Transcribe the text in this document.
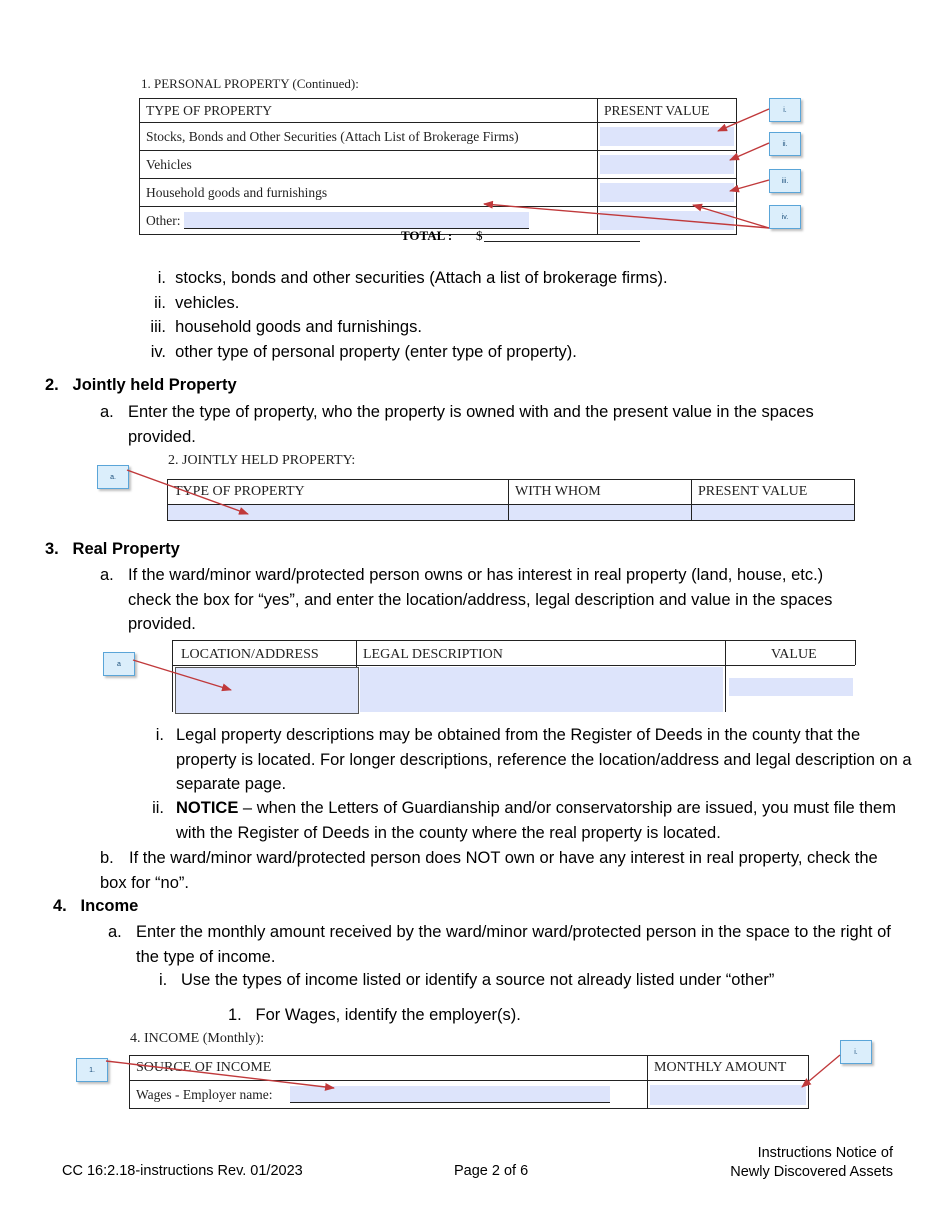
1. PERSONAL PROPERTY (Continued):
TYPE OF PROPERTY	PRESENT VALUE
Stocks, Bonds and Other Securities (Attach List of Brokerage Firms)	

Vehicles	

Household goods and furnishings	

Other:	
TOTAL : $
i.
ii.
iii.
iv.
i. stocks, bonds and other securities (Attach a list of brokerage firms).
ii. vehicles.
iii. household goods and furnishings.
iv. other type of personal property (enter type of property).
2. Jointly held Property
a. Enter the type of property, who the property is owned with and the present value in the spaces provided.
2. JOINTLY HELD PROPERTY:
TYPE OF PROPERTY	WITH WHOM	PRESENT VALUE

a.
3. Real Property
a. If the ward/minor ward/protected person owns or has interest in real property (land, house, etc.) check the box for “yes”, and enter the location/address, legal description and value in the spaces provided.
LOCATION/ADDRESS	LEGAL DESCRIPTION	VALUE
a
i. Legal property descriptions may be obtained from the Register of Deeds in the county that the property is located. For longer descriptions, reference the location/address and legal description on a separate page.
ii. NOTICE – when the Letters of Guardianship and/or conservatorship are issued, you must file them with the Register of Deeds in the county where the real property is located.
b. If the ward/minor ward/protected person does NOT own or have any interest in real property, check the box for “no”.
4. Income
a. Enter the monthly amount received by the ward/minor ward/protected person in the space to the right of the type of income.
i. Use the types of income listed or identify a source not already listed under “other”
1. For Wages, identify the employer(s).
4. INCOME (Monthly):
SOURCE OF INCOME	MONTHLY AMOUNT
Wages - Employer name:	
1.
i.
CC 16:2.18-instructions Rev. 01/2023	Page 2 of 6
Instructions Notice of
Newly Discovered Assets
